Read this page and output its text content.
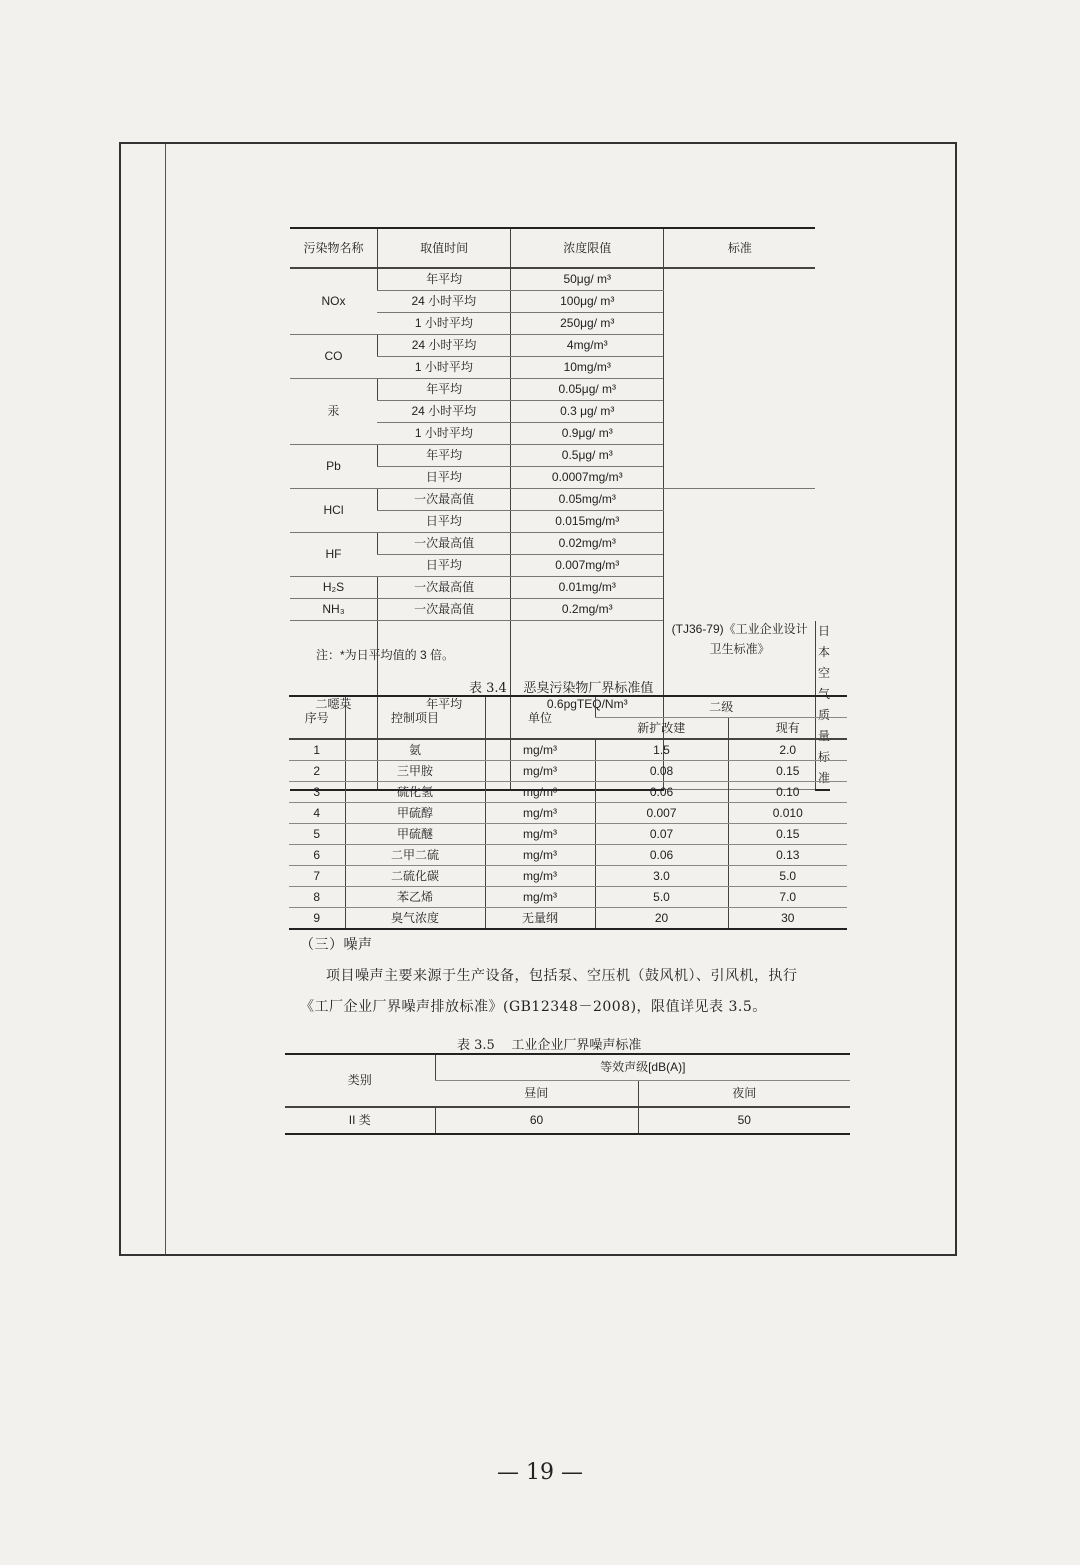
污染物名称	取值时间	浓度限值	标准	
NOx	年平均	50μg/ m³		
	24 小时平均	100μg/ m³		
	1 小时平均	250μg/ m³		
CO	24 小时平均	4mg/m³		
	1 小时平均	10mg/m³		
汞	年平均	0.05μg/ m³		
	24 小时平均	0.3 μg/ m³		
	1 小时平均	0.9μg/ m³		
Pb	年平均	0.5μg/ m³		
	日平均	0.0007mg/m³		
HCl	一次最高值	0.05mg/m³	(TJ36-79)《工业企业设计卫生标准》	
	日平均	0.015mg/m³		
HF	一次最高值	0.02mg/m³		
	日平均	0.007mg/m³		
H₂S	一次最高值	0.01mg/m³		
NH₃	一次最高值	0.2mg/m³		
二噁英	年平均	0.6pgTEQ/Nm³		日本空气质量标准
注：*为日平均值的 3 倍。
表 3.4    恶臭污染物厂界标准值
序号	控制项目	单位	二级	
			新扩改建	现有
1	氨	mg/m³	1.5	2.0
2	三甲胺	mg/m³	0.08	0.15
3	硫化氢	mg/m³	0.06	0.10
4	甲硫醇	mg/m³	0.007	0.010
5	甲硫醚	mg/m³	0.07	0.15
6	二甲二硫	mg/m³	0.06	0.13
7	二硫化碳	mg/m³	3.0	5.0
8	苯乙烯	mg/m³	5.0	7.0
9	臭气浓度	无量纲	20	30
（三）噪声
项目噪声主要来源于生产设备，包括泵、空压机（鼓风机）、引风机，执行
《工厂企业厂界噪声排放标准》(GB12348－2008)，限值详见表 3.5。
表 3.5    工业企业厂界噪声标准
类别	等效声级[dB(A)]	
	昼间	夜间
II 类	60	50
— 19 —
